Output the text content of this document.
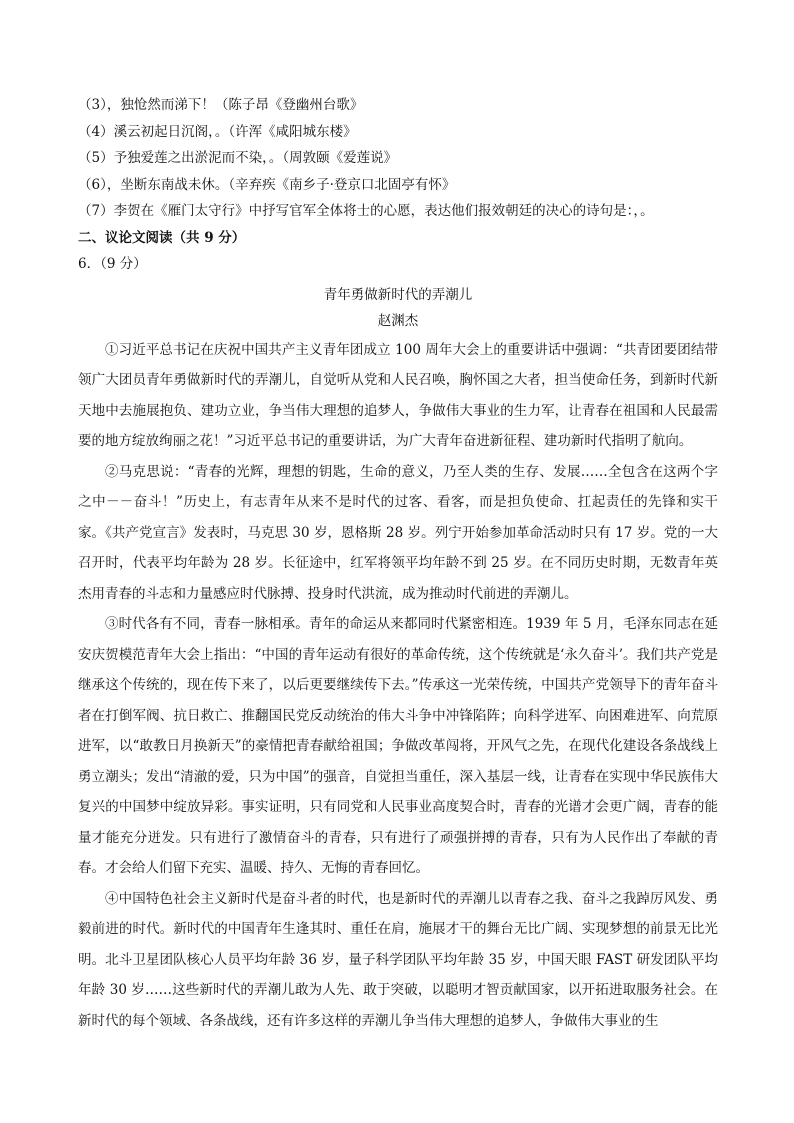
（3），独怆然而涕下！（陈子昂《登幽州台歌》
（4）溪云初起日沉阁，。（许浑《咸阳城东楼》
（5）予独爱莲之出淤泥而不染，。（周敦颐《爱莲说》
（6），坐断东南战未休。（辛弃疾《南乡子·登京口北固亭有怀》
（7）李贺在《雁门太守行》中抒写官军全体将士的心愿，表达他们报效朝廷的决心的诗句是：，。
二、议论文阅读（共 9 分）
6．（9 分）
青年勇做新时代的弄潮儿
赵渊杰

①习近平总书记在庆祝中国共产主义青年团成立 100 周年大会上的重要讲话中强调：“共青团要团结带领广大团员青年勇做新时代的弄潮儿，自觉听从党和人民召唤，胸怀国之大者，担当使命任务，到新时代新天地中去施展抱负、建功立业，争当伟大理想的追梦人，争做伟大事业的生力军，让青春在祖国和人民最需要的地方绽放绚丽之花！”习近平总书记的重要讲话，为广大青年奋进新征程、建功新时代指明了航向。

②马克思说：“青春的光辉，理想的钥匙，生命的意义，乃至人类的生存、发展……全包含在这两个字之中－－奋斗！”历史上，有志青年从来不是时代的过客、看客，而是担负使命、扛起责任的先锋和实干家。《共产党宣言》发表时，马克思 30 岁，恩格斯 28 岁。列宁开始参加革命活动时只有 17 岁。党的一大召开时，代表平均年龄为 28 岁。长征途中，红军将领平均年龄不到 25 岁。在不同历史时期，无数青年英杰用青春的斗志和力量感应时代脉搏、投身时代洪流，成为推动时代前进的弄潮儿。

③时代各有不同，青春一脉相承。青年的命运从来都同时代紧密相连。1939 年 5 月，毛泽东同志在延安庆贺模范青年大会上指出：“中国的青年运动有很好的革命传统，这个传统就是‘永久奋斗’。我们共产党是继承这个传统的，现在传下来了，以后更要继续传下去。”传承这一光荣传统，中国共产党领导下的青年奋斗者在打倒军阀、抗日救亡、推翻国民党反动统治的伟大斗争中冲锋陷阵；向科学进军、向困难进军、向荒原进军，以“敢教日月换新天”的豪情把青春献给祖国；争做改革闯将，开风气之先，在现代化建设各条战线上勇立潮头；发出“清澈的爱，只为中国”的强音，自觉担当重任，深入基层一线，让青春在实现中华民族伟大复兴的中国梦中绽放异彩。事实证明，只有同党和人民事业高度契合时，青春的光谱才会更广阔，青春的能量才能充分迸发。只有进行了激情奋斗的青春，只有进行了顽强拼搏的青春，只有为人民作出了奉献的青春。才会给人们留下充实、温暖、持久、无悔的青春回忆。

④中国特色社会主义新时代是奋斗者的时代，也是新时代的弄潮儿以青春之我、奋斗之我踔厉风发、勇毅前进的时代。新时代的中国青年生逢其时、重任在肩，施展才干的舞台无比广阔、实现梦想的前景无比光明。北斗卫星团队核心人员平均年龄 36 岁，量子科学团队平均年龄 35 岁，中国天眼 FAST 研发团队平均年龄 30 岁……这些新时代的弄潮儿敢为人先、敢于突破，以聪明才智贡献国家，以开拓进取服务社会。在新时代的每个领域、各条战线，还有许多这样的弄潮儿争当伟大理想的追梦人，争做伟大事业的生
